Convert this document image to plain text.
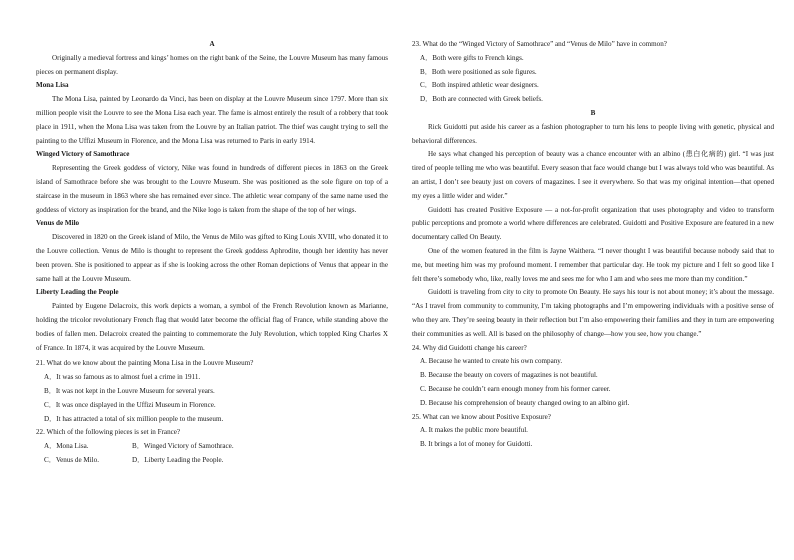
A

Originally a medieval fortress and kings’ homes on the right bank of the Seine, the Louvre Museum has many famous pieces on permanent display.

Mona Lisa

The Mona Lisa, painted by Leonardo da Vinci, has been on display at the Louvre Museum since 1797. More than six million people visit the Louvre to see the Mona Lisa each year. The fame is almost entirely the result of a robbery that took place in 1911, when the Mona Lisa was taken from the Louvre by an Italian patriot. The thief was caught trying to sell the painting to the Uffizi Museum in Florence, and the Mona Lisa was returned to Paris in early 1914.

Winged Victory of Samothrace

Representing the Greek goddess of victory, Nike was found in hundreds of different pieces in 1863 on the Greek island of Samothrace before she was brought to the Louvre Museum. She was positioned as the sole figure on top of a staircase in the museum in 1863 where she has remained ever since. The athletic wear company of the same name used the goddess of victory as inspiration for the brand, and the Nike logo is taken from the shape of the top of her wings.

Venus de Milo

Discovered in 1820 on the Greek island of Milo, the Venus de Milo was gifted to King Louis XVIII, who donated it to the Louvre collection. Venus de Milo is thought to represent the Greek goddess Aphrodite, though her identity has never been proven. She is positioned to appear as if she is looking across the other Roman depictions of Venus that appear in the same hall at the Louvre Museum.

Liberty Leading the People

Painted by Eugene Delacroix, this work depicts a woman, a symbol of the French Revolution known as Marianne, holding the tricolor revolutionary French flag that would later become the official flag of France, while standing above the bodies of fallen men. Delacroix created the painting to commemorate the July Revolution, which toppled King Charles X of France. In 1874, it was acquired by the Louvre Museum.

21. What do we know about the painting Mona Lisa in the Louvre Museum?

A．It was so famous as to almost fuel a crime in 1911.

B．It was not kept in the Louvre Museum for several years.

C．It was once displayed in the Uffizi Museum in Florence.

D．It has attracted a total of six million people to the museum.

22. Which of the following pieces is set in France?

A．Mona Lisa.	B．Winged Victory of Samothrace.

C．Venus de Milo.	D．Liberty Leading the People.

23. What do the “Winged Victory of Samothrace” and “Venus de Milo” have in common?

A．Both were gifts to French kings.

B．Both were positioned as sole figures.

C．Both inspired athletic wear designers.

D．Both are connected with Greek beliefs.

B

Rick Guidotti put aside his career as a fashion photographer to turn his lens to people living with genetic, physical and behavioral differences.

He says what changed his perception of beauty was a chance encounter with an albino (患白化病的) girl. “I was just tired of people telling me who was beautiful. Every season that face would change but I was always told who was beautiful. As an artist, I don’t see beauty just on covers of magazines. I see it everywhere. So that was my original intention—that opened my eyes a little wider and wider.”

Guidotti has created Positive Exposure — a not-for-profit organization that uses photography and video to transform public perceptions and promote a world where differences are celebrated. Guidotti and Positive Exposure are featured in a new documentary called On Beauty.

One of the women featured in the film is Jayne Waithera. “I never thought I was beautiful because nobody said that to me, but meeting him was my profound moment. I remember that particular day. He took my picture and I felt so good like I felt there’s somebody who, like, really loves me and sees me for who I am and who sees me more than my condition.”

Guidotti is traveling from city to city to promote On Beauty. He says his tour is not about money; it’s about the message. “As I travel from community to community, I’m taking photographs and I’m empowering individuals with a positive sense of who they are. They’re seeing beauty in their reflection but I’m also empowering their families and they in turn are empowering their communities as well. All is based on the philosophy of change—how you see, how you change.”

24. Why did Guidotti change his career?

A. Because he wanted to create his own company.

B. Because the beauty on covers of magazines is not beautiful.

C. Because he couldn’t earn enough money from his former career.

D. Because his comprehension of beauty changed owing to an albino girl.

25. What can we know about Positive Exposure?

A. It makes the public more beautiful.

B. It brings a lot of money for Guidotti.
